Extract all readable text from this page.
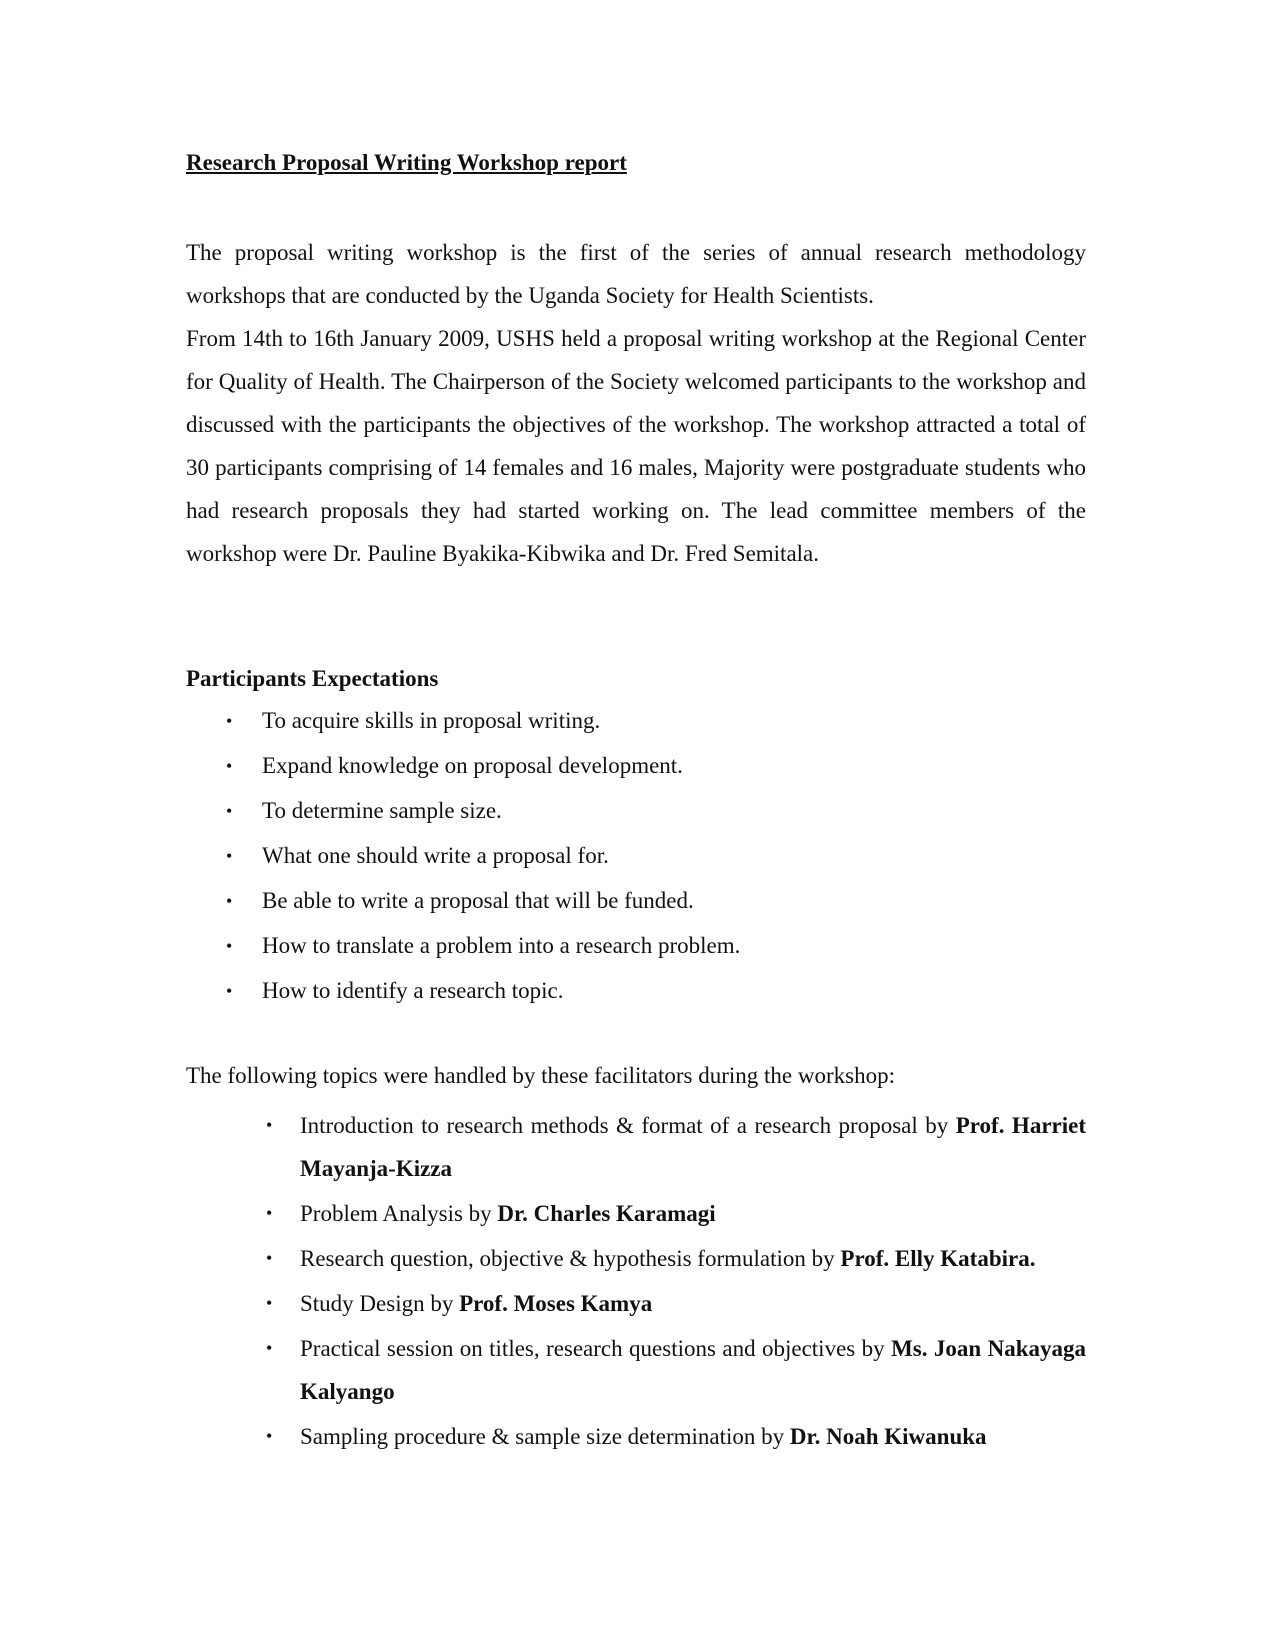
Research Proposal Writing Workshop report

The proposal writing workshop is the first of the series of annual research methodology workshops that are conducted by the Uganda Society for Health Scientists.

From 14th to 16th January 2009, USHS held a proposal writing workshop at the Regional Center for Quality of Health. The Chairperson of the Society welcomed participants to the workshop and discussed with the participants the objectives of the workshop. The workshop attracted a total of 30 participants comprising of 14 females and 16 males, Majority were postgraduate students who had research proposals they had started working on. The lead committee members of the workshop were Dr. Pauline Byakika-Kibwika and Dr. Fred Semitala.

Participants Expectations
• To acquire skills in proposal writing.
• Expand knowledge on proposal development.
• To determine sample size.
• What one should write a proposal for.
• Be able to write a proposal that will be funded.
• How to translate a problem into a research problem.
• How to identify a research topic.
The following topics were handled by these facilitators during the workshop:
• Introduction to research methods & format of a research proposal by Prof. Harriet Mayanja-Kizza
• Problem Analysis by Dr. Charles Karamagi
• Research question, objective & hypothesis formulation by Prof. Elly Katabira.
• Study Design by Prof. Moses Kamya
• Practical session on titles, research questions and objectives by Ms. Joan Nakayaga Kalyango
• Sampling procedure & sample size determination by Dr. Noah Kiwanuka
